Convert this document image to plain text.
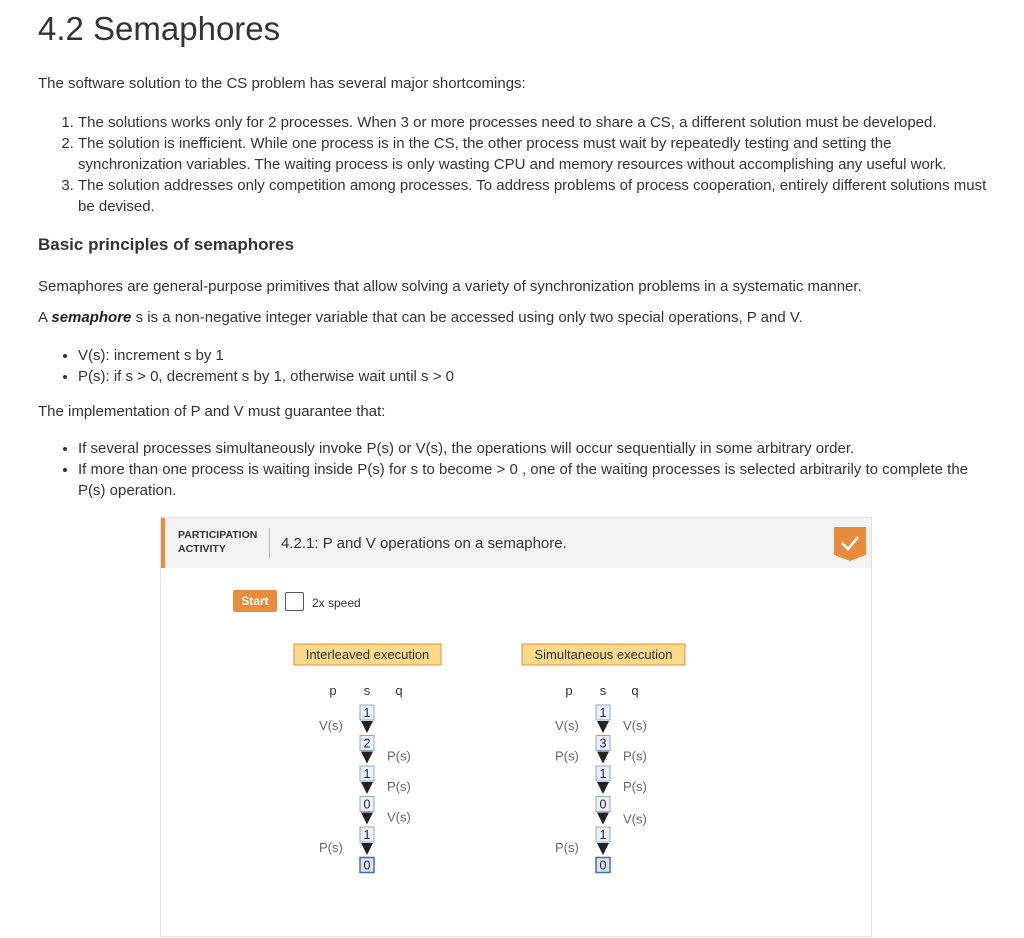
4.2 Semaphores

The software solution to the CS problem has several major shortcomings:

1. The solutions works only for 2 processes. When 3 or more processes need to share a CS, a different solution must be developed.
2. The solution is inefficient. While one process is in the CS, the other process must wait by repeatedly testing and setting the synchronization variables. The waiting process is only wasting CPU and memory resources without accomplishing any useful work.
3. The solution addresses only competition among processes. To address problems of process cooperation, entirely different solutions must be devised.
Basic principles of semaphores

Semaphores are general-purpose primitives that allow solving a variety of synchronization problems in a systematic manner.

A semaphore s is a non-negative integer variable that can be accessed using only two special operations, P and V.

• V(s): increment s by 1
• P(s): if s > 0, decrement s by 1, otherwise wait until s > 0

The implementation of P and V must guarantee that:

• If several processes simultaneously invoke P(s) or V(s), the operations will occur sequentially in some arbitrary order.
• If more than one process is waiting inside P(s) for s to become > 0 , one of the waiting processes is selected arbitrarily to complete the P(s) operation.
PARTICIPATION
ACTIVITY	4.2.1: P and V operations on a semaphore.
Start	2x speed
Interleaved execution
p s q
1
2
1
0
1
0
V(s)
P(s)
P(s)
P(s)
V(s)
Simultaneous execution
p s q
1
3
1
0
1
0
V(s)
P(s)
P(s)
V(s)
P(s)
P(s)
V(s)
